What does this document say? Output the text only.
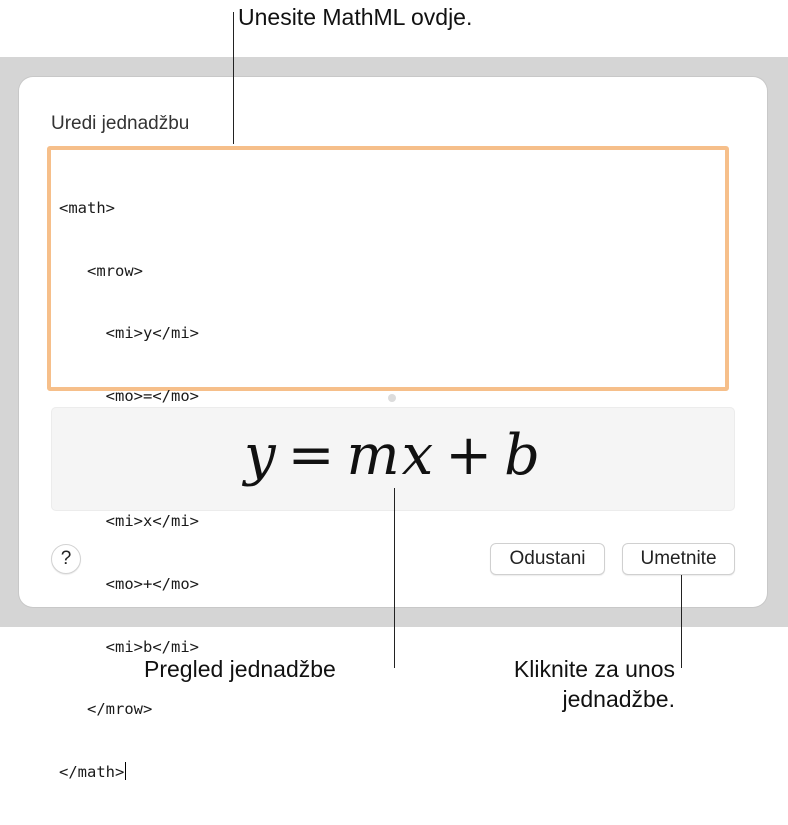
Uredi jednadžbu

<math>

<mrow>

<mi>y</mi>

<mo>=</mo>

<mi>x</mi>

<mo>+</mo>

<mi>b</mi>

</mrow>

</math>

y = mx + b
?	Odustani	Umetnite
Unesite MathML ovdje.
Pregled jednadžbe	Kliknite za unos
jednadžbe.
